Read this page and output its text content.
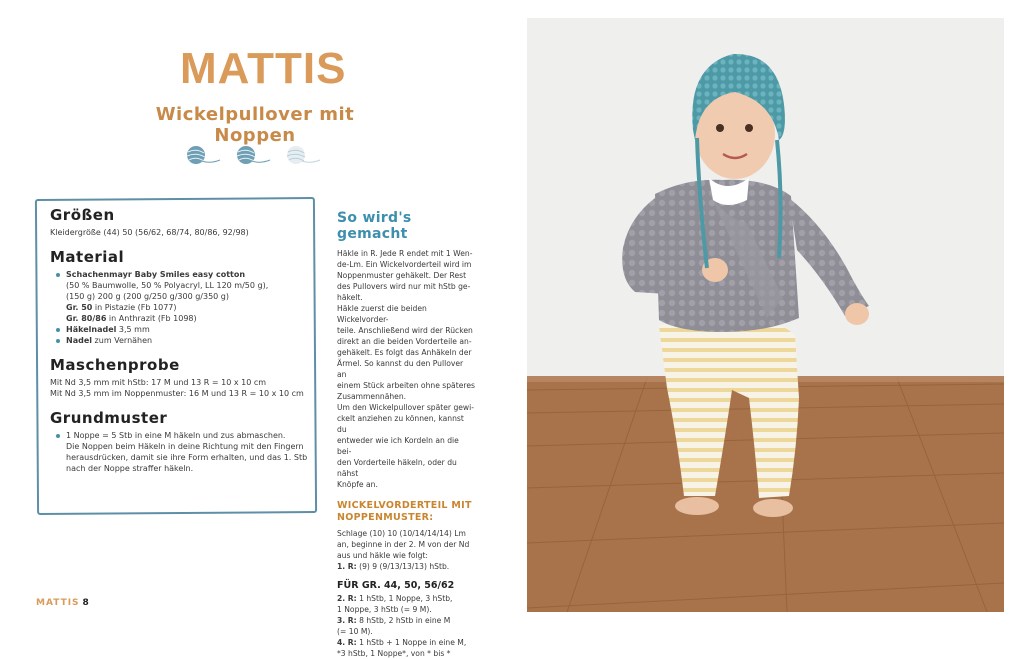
MATTIS
Wickelpullover mit Noppen
Größen
Kleidergröße (44) 50 (56/62, 68/74, 80/86, 92/98)
Material
Schachenmayr Baby Smiles easy cotton
(50 % Baumwolle, 50 % Polyacryl, LL 120 m/50 g),
(150 g) 200 g (200 g/250 g/300 g/350 g)
Gr. 50 in Pistazie (Fb 1077)
Gr. 80/86 in Anthrazit (Fb 1098)
Häkelnadel 3,5 mm
Nadel zum Vernähen
Maschenprobe
Mit Nd 3,5 mm mit hStb: 17 M und 13 R = 10 x 10 cm
Mit Nd 3,5 mm im Noppenmuster: 16 M und 13 R = 10 x 10 cm
Grundmuster
1 Noppe = 5 Stb in eine M häkeln und zus abmaschen.
Die Noppen beim Häkeln in deine Richtung mit den Fingern
herausdrücken, damit sie ihre Form erhalten, und das 1. Stb
nach der Noppe straffer häkeln.
So wird's gemacht
Häkle in R. Jede R endet mit 1 Wen-
de-Lm. Ein Wickelvorderteil wird im
Noppenmuster gehäkelt. Der Rest
des Pullovers wird nur mit hStb ge-
häkelt.
Häkle zuerst die beiden Wickelvorder-
teile. Anschließend wird der Rücken
direkt an die beiden Vorderteile an-
gehäkelt. Es folgt das Anhäkeln der
Ärmel. So kannst du den Pullover an
einem Stück arbeiten ohne späteres
Zusammennähen.
Um den Wickelpullover später gewi-
ckelt anziehen zu können, kannst du
entweder wie ich Kordeln an die bei-
den Vorderteile häkeln, oder du nähst
Knöpfe an.
WICKELVORDERTEIL MIT
NOPPENMUSTER:
Schlage (10) 10 (10/14/14/14) Lm
an, beginne in der 2. M von der Nd
aus und häkle wie folgt:
1. R: (9) 9 (9/13/13/13) hStb.
FÜR GR. 44, 50, 56/62
2. R: 1 hStb, 1 Noppe, 3 hStb,
1 Noppe, 3 hStb (= 9 M).
3. R: 8 hStb, 2 hStb in eine M
(= 10 M).
4. R: 1 hStb + 1 Noppe in eine M,
*3 hStb, 1 Noppe*, von * bis *
MATTIS 8
